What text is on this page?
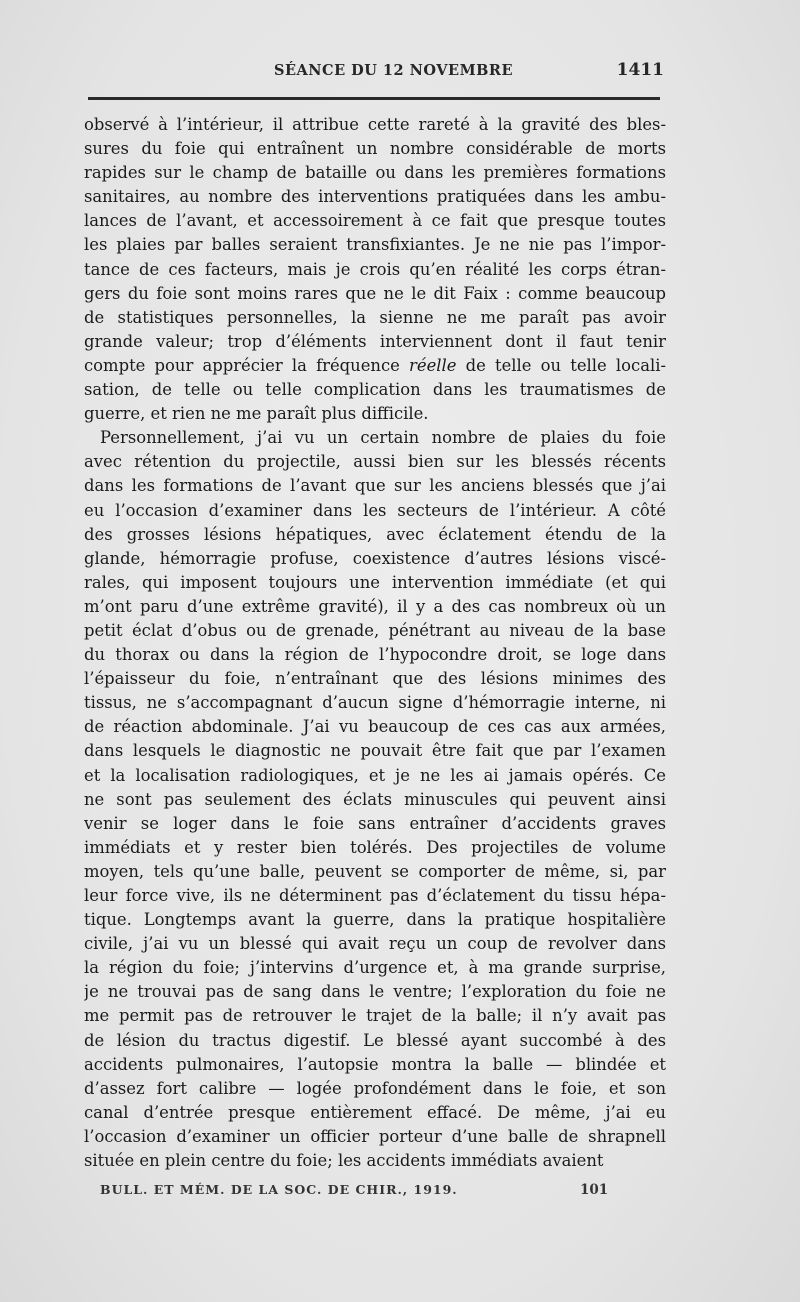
SÉANCE DU 12 NOVEMBRE	1411
observé à l’intérieur, il attribue cette rareté à la gravité des bles-
sures du foie qui entraînent un nombre considérable de morts
rapides sur le champ de bataille ou dans les premières formations
sanitaires, au nombre des interventions pratiquées dans les ambu-
lances de l’avant, et accessoirement à ce fait que presque toutes
les plaies par balles seraient transfixiantes. Je ne nie pas l’impor-
tance de ces facteurs, mais je crois qu’en réalité les corps étran-
gers du foie sont moins rares que ne le dit Faix : comme beaucoup
de statistiques personnelles, la sienne ne me paraît pas avoir
grande valeur; trop d’éléments interviennent dont il faut tenir
compte pour apprécier la fréquence réelle de telle ou telle locali-
sation, de telle ou telle complication dans les traumatismes de
guerre, et rien ne me paraît plus difficile.
Personnellement, j’ai vu un certain nombre de plaies du foie
avec rétention du projectile, aussi bien sur les blessés récents
dans les formations de l’avant que sur les anciens blessés que j’ai
eu l’occasion d’examiner dans les secteurs de l’intérieur. A côté
des grosses lésions hépatiques, avec éclatement étendu de la
glande, hémorragie profuse, coexistence d’autres lésions viscé-
rales, qui imposent toujours une intervention immédiate (et qui
m’ont paru d’une extrême gravité), il y a des cas nombreux où un
petit éclat d’obus ou de grenade, pénétrant au niveau de la base
du thorax ou dans la région de l’hypocondre droit, se loge dans
l’épaisseur du foie, n’entraînant que des lésions minimes des
tissus, ne s’accompagnant d’aucun signe d’hémorragie interne, ni
de réaction abdominale. J’ai vu beaucoup de ces cas aux armées,
dans lesquels le diagnostic ne pouvait être fait que par l’examen
et la localisation radiologiques, et je ne les ai jamais opérés. Ce
ne sont pas seulement des éclats minuscules qui peuvent ainsi
venir se loger dans le foie sans entraîner d’accidents graves
immédiats et y rester bien tolérés. Des projectiles de volume
moyen, tels qu’une balle, peuvent se comporter de même, si, par
leur force vive, ils ne déterminent pas d’éclatement du tissu hépa-
tique. Longtemps avant la guerre, dans la pratique hospitalière
civile, j’ai vu un blessé qui avait reçu un coup de revolver dans
la région du foie; j’intervins d’urgence et, à ma grande surprise,
je ne trouvai pas de sang dans le ventre; l’exploration du foie ne
me permit pas de retrouver le trajet de la balle; il n’y avait pas
de lésion du tractus digestif. Le blessé ayant succombé à des
accidents pulmonaires, l’autopsie montra la balle — blindée et
d’assez fort calibre — logée profondément dans le foie, et son
canal d’entrée presque entièrement effacé. De même, j’ai eu
l’occasion d’examiner un officier porteur d’une balle de shrapnell
située en plein centre du foie; les accidents immédiats avaient
BULL. ET MÉM. DE LA SOC. DE CHIR., 1919.	101
